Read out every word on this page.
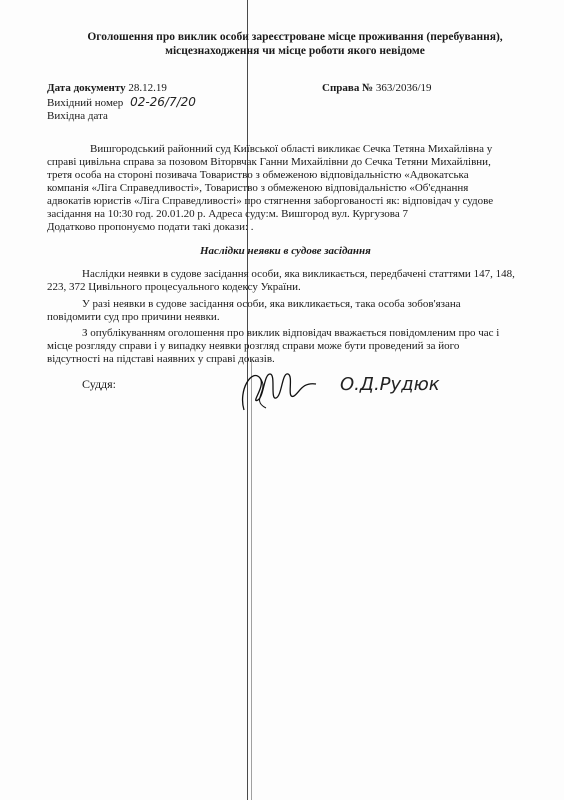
Оголошення про виклик особи зареєстроване місце проживання (перебування),
місцезнаходження чи місце роботи якого невідоме
Дата документу 28.12.19	Справа № 363/2036/19
Вихідний номер 02-26/7/20
Вихідна дата
Вишгородський районний суд Київської області викликає Сечка Тетяна Михайлівна у
справі цивільна справа за позовом Віторвчак Ганни Михайлівни до Сечка Тетяни Михайлівни,
третя особа на стороні позивача Товариство з обмеженою відповідальністю «Адвокатська
компанія «Ліга Справедливості», Товариство з обмеженою відповідальністю «Об'єднання
адвокатів юристів «Ліга Справедливості» про стягнення заборгованості як: відповідач у судове
засідання на 10:30 год. 20.01.20 р. Адреса суду:м. Вишгород вул. Кургузова 7
Додатково пропонуємо подати такі докази: .
Наслідки неявки в судове засідання
Наслідки неявки в судове засідання особи, яка викликається, передбачені статтями 147, 148,
223, 372 Цивільного процесуального кодексу України.
У разі неявки в судове засідання особи, яка викликається, така особа зобов'язана
повідомити суд про причини неявки.
З опублікуванням оголошення про виклик відповідач вважається повідомленим про час і
місце розгляду справи і у випадку неявки розгляд справи може бути проведений за його
відсутності на підставі наявних у справі доказів.
Суддя:	О.Д.Рудюк
